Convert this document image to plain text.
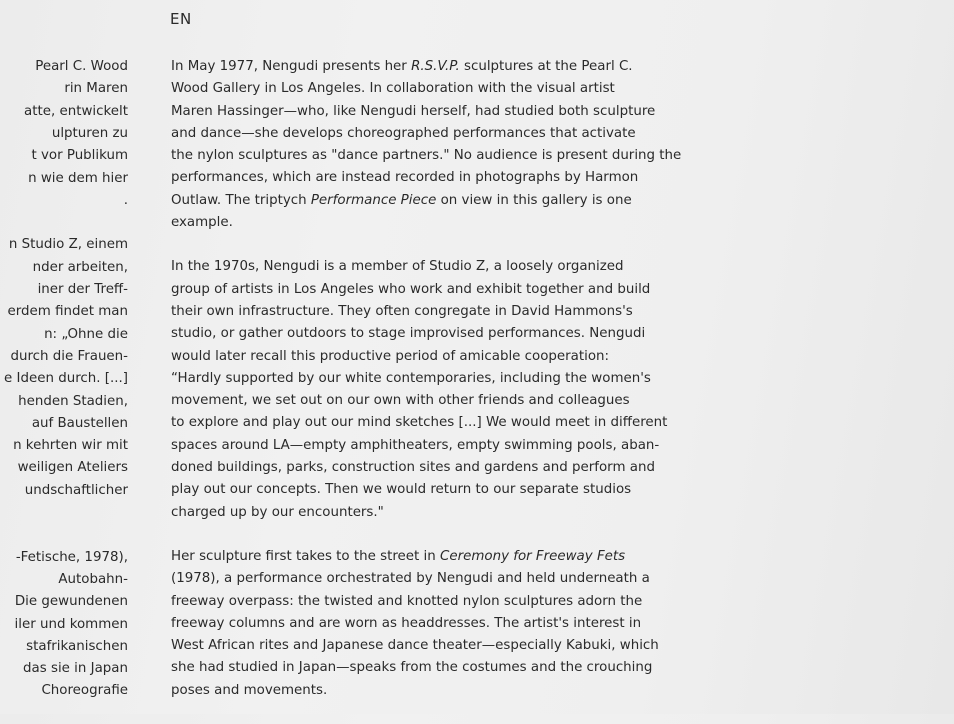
EN
Pearl C. Wood
rin Maren
atte, entwickelt
ulpturen zu
t vor Publikum
n wie dem hier
.
n Studio Z, einem
nder arbeiten,
iner der Treff-
erdem findet man
n: „Ohne die
durch die Frauen-
e Ideen durch. [...]
henden Stadien,
auf Baustellen
n kehrten wir mit
weiligen Ateliers
undschaftlicher
-Fetische, 1978),
Autobahn-
Die gewundenen
iler und kommen
stafrikanischen
das sie in Japan
Choreografie

In May 1977, Nengudi presents her R.S.V.P. sculptures at the Pearl C.
Wood Gallery in Los Angeles. In collaboration with the visual artist
Maren Hassinger—who, like Nengudi herself, had studied both sculpture
and dance—she develops choreographed performances that activate
the nylon sculptures as "dance partners." No audience is present during the
performances, which are instead recorded in photographs by Harmon
Outlaw. The triptych Performance Piece on view in this gallery is one
example.

In the 1970s, Nengudi is a member of Studio Z, a loosely organized
group of artists in Los Angeles who work and exhibit together and build
their own infrastructure. They often congregate in David Hammons's
studio, or gather outdoors to stage improvised performances. Nengudi
would later recall this productive period of amicable cooperation:
“Hardly supported by our white contemporaries, including the women's
movement, we set out on our own with other friends and colleagues
to explore and play out our mind sketches [...] We would meet in different
spaces around LA—empty amphitheaters, empty swimming pools, aban-
doned buildings, parks, construction sites and gardens and perform and
play out our concepts. Then we would return to our separate studios
charged up by our encounters."

Her sculpture first takes to the street in Ceremony for Freeway Fets
(1978), a performance orchestrated by Nengudi and held underneath a
freeway overpass: the twisted and knotted nylon sculptures adorn the
freeway columns and are worn as headdresses. The artist's interest in
West African rites and Japanese dance theater—especially Kabuki, which
she had studied in Japan—speaks from the costumes and the crouching
poses and movements.
